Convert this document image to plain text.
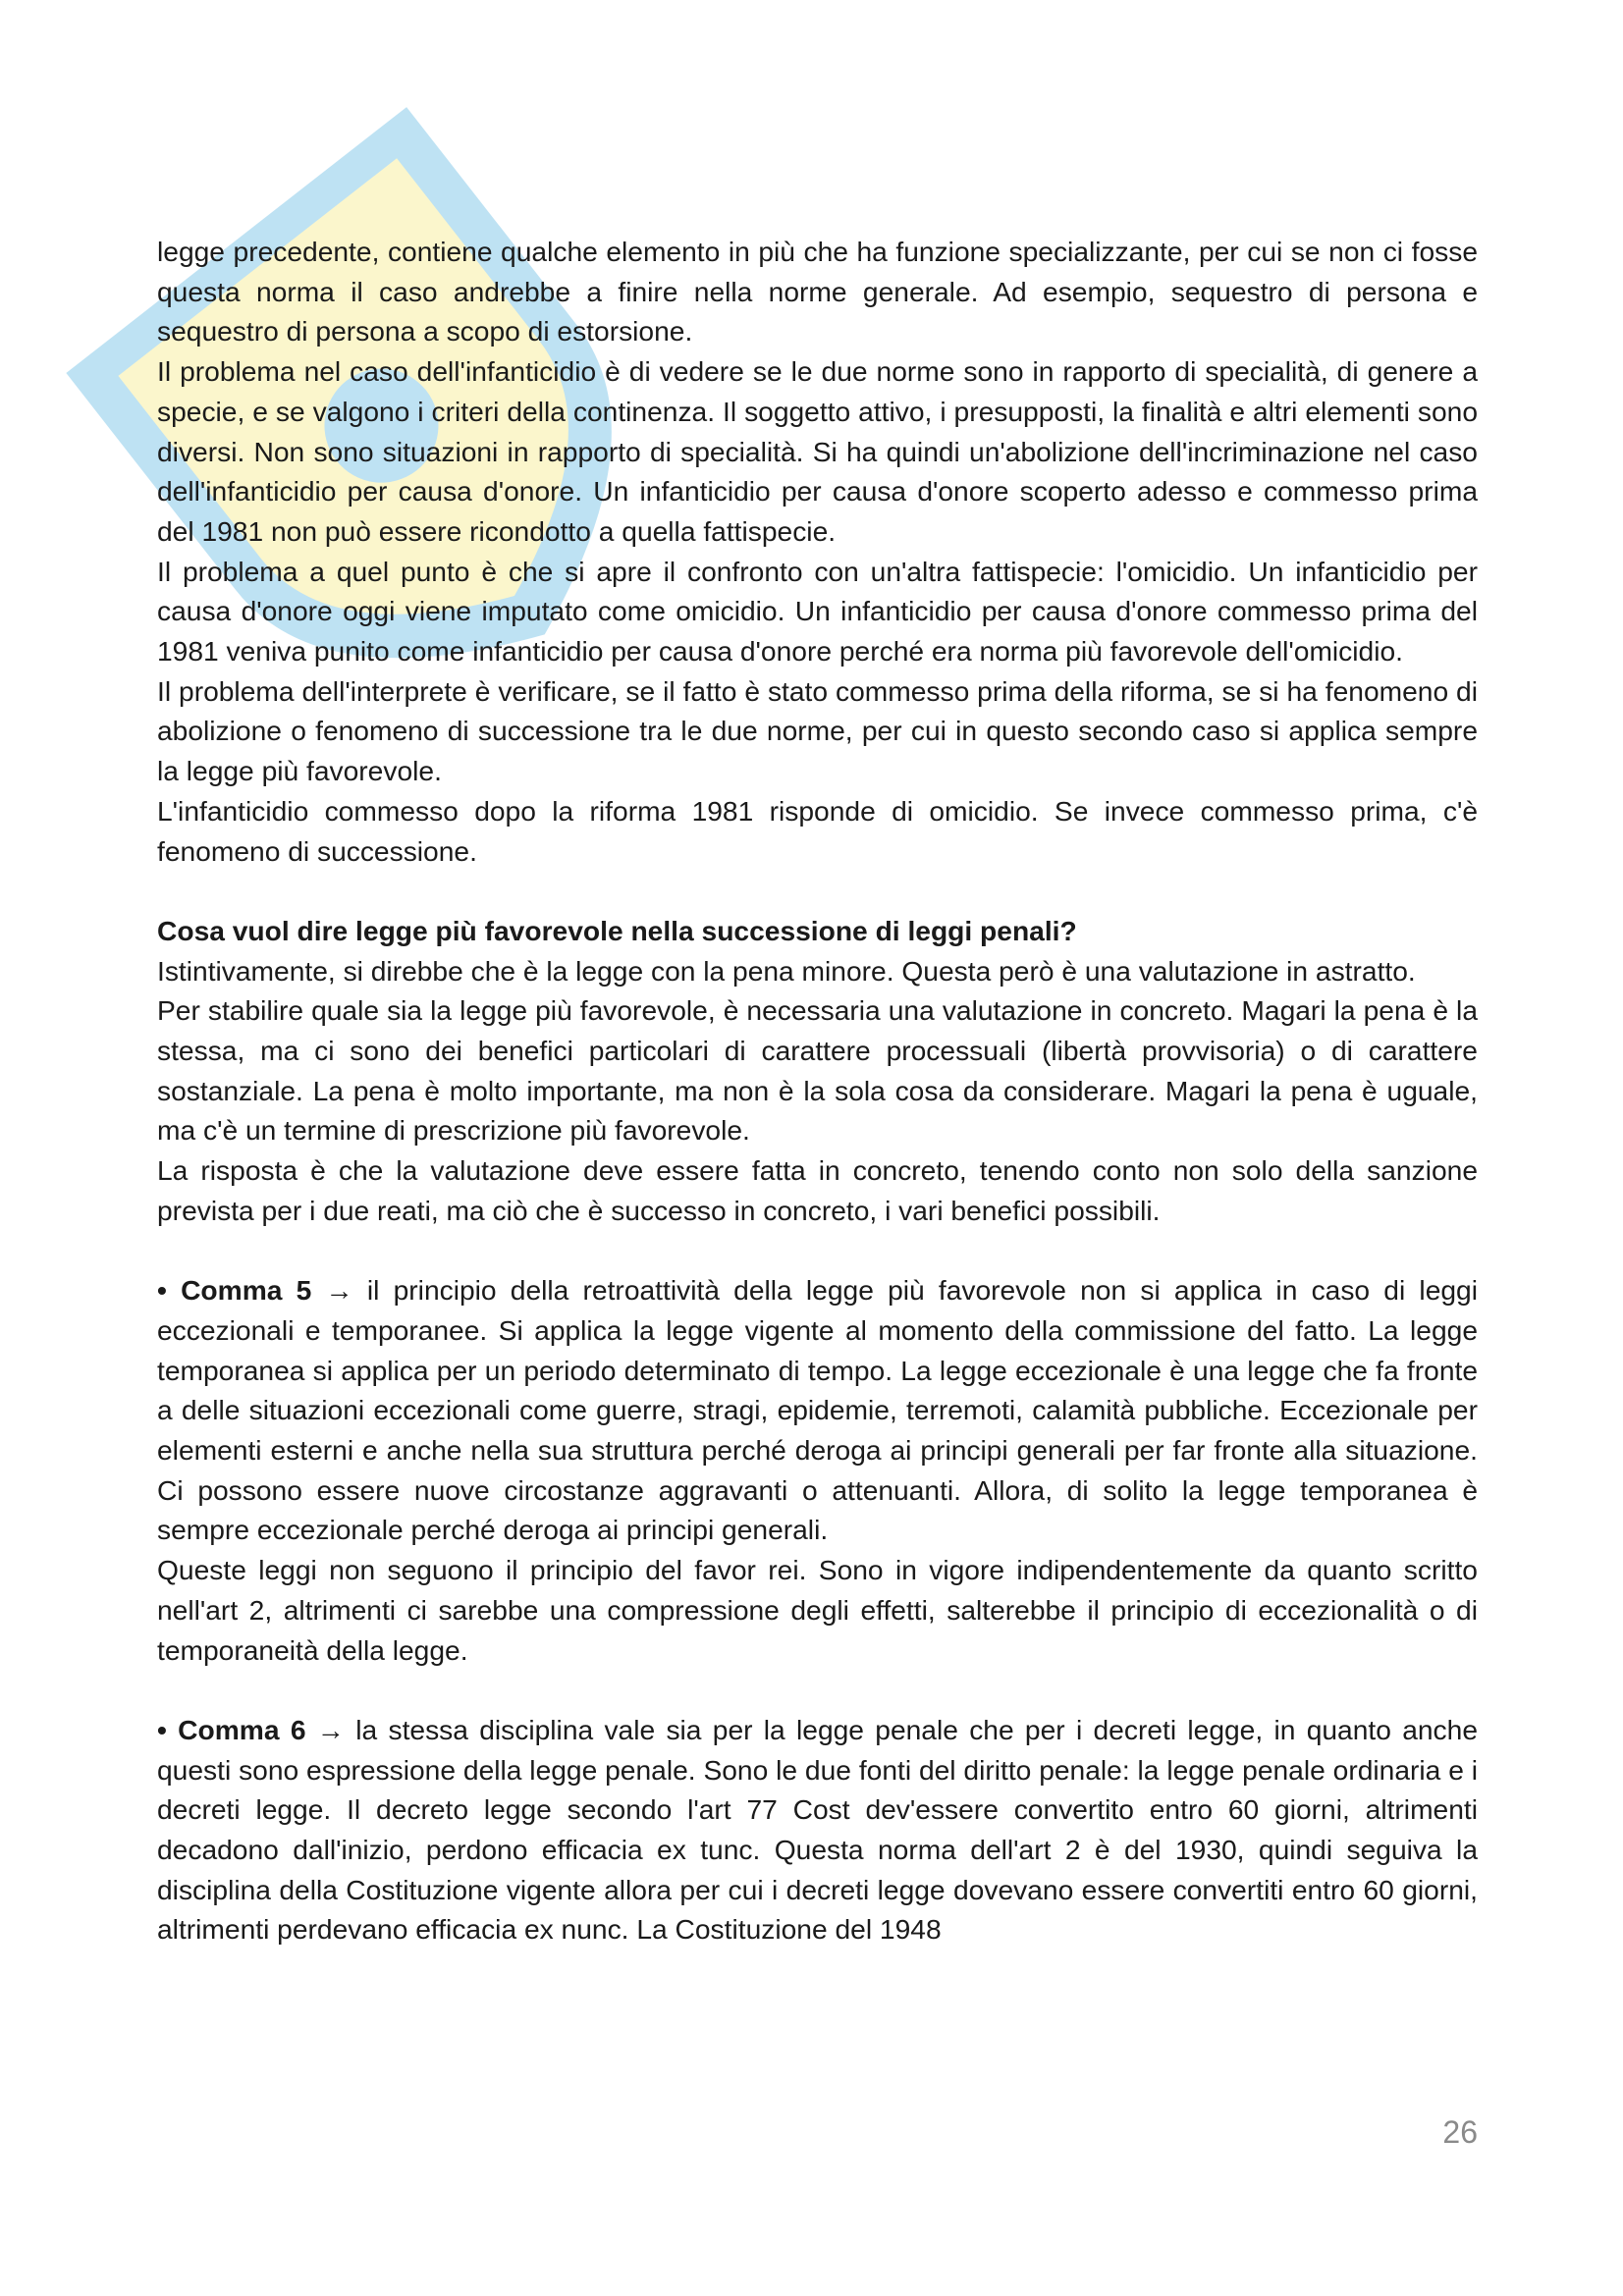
legge precedente, contiene qualche elemento in più che ha funzione specializzante, per cui se non ci fosse questa norma il caso andrebbe a finire nella norme generale. Ad esempio, sequestro di persona e sequestro di persona a scopo di estorsione.

Il problema nel caso dell'infanticidio è di vedere se le due norme sono in rapporto di specialità, di genere a specie, e se valgono i criteri della continenza. Il soggetto attivo, i presupposti, la finalità e altri elementi sono diversi. Non sono situazioni in rapporto di specialità. Si ha quindi un'abolizione dell'incriminazione nel caso dell'infanticidio per causa d'onore. Un infanticidio per causa d'onore scoperto adesso e commesso prima del 1981 non può essere ricondotto a quella fattispecie.

Il problema a quel punto è che si apre il confronto con un'altra fattispecie: l'omicidio. Un infanticidio per causa d'onore oggi viene imputato come omicidio. Un infanticidio per causa d'onore commesso prima del 1981 veniva punito come infanticidio per causa d'onore perché era norma più favorevole dell'omicidio.

Il problema dell'interprete è verificare, se il fatto è stato commesso prima della riforma, se si ha fenomeno di abolizione o fenomeno di successione tra le due norme, per cui in questo secondo caso si applica sempre la legge più favorevole.

L'infanticidio commesso dopo la riforma 1981 risponde di omicidio. Se invece commesso prima, c'è fenomeno di successione.

Cosa vuol dire legge più favorevole nella successione di leggi penali?

Istintivamente, si direbbe che è la legge con la pena minore. Questa però è una valutazione in astratto.

Per stabilire quale sia la legge più favorevole, è necessaria una valutazione in concreto. Magari la pena è la stessa, ma ci sono dei benefici particolari di carattere processuali (libertà provvisoria) o di carattere sostanziale. La pena è molto importante, ma non è la sola cosa da considerare. Magari la pena è uguale, ma c'è un termine di prescrizione più favorevole.

La risposta è che la valutazione deve essere fatta in concreto, tenendo conto non solo della sanzione prevista per i due reati, ma ciò che è successo in concreto, i vari benefici possibili.

• Comma 5 → il principio della retroattività della legge più favorevole non si applica in caso di leggi eccezionali e temporanee. Si applica la legge vigente al momento della commissione del fatto. La legge temporanea si applica per un periodo determinato di tempo. La legge eccezionale è una legge che fa fronte a delle situazioni eccezionali come guerre, stragi, epidemie, terremoti, calamità pubbliche. Eccezionale per elementi esterni e anche nella sua struttura perché deroga ai principi generali per far fronte alla situazione. Ci possono essere nuove circostanze aggravanti o attenuanti. Allora, di solito la legge temporanea è sempre eccezionale perché deroga ai principi generali.

Queste leggi non seguono il principio del favor rei. Sono in vigore indipendentemente da quanto scritto nell'art 2, altrimenti ci sarebbe una compressione degli effetti, salterebbe il principio di eccezionalità o di temporaneità della legge.

• Comma 6 → la stessa disciplina vale sia per la legge penale che per i decreti legge, in quanto anche questi sono espressione della legge penale. Sono le due fonti del diritto penale: la legge penale ordinaria e i decreti legge. Il decreto legge secondo l'art 77 Cost dev'essere convertito entro 60 giorni, altrimenti decadono dall'inizio, perdono efficacia ex tunc. Questa norma dell'art 2 è del 1930, quindi seguiva la disciplina della Costituzione vigente allora per cui i decreti legge dovevano essere convertiti entro 60 giorni, altrimenti perdevano efficacia ex nunc. La Costituzione del 1948

26
